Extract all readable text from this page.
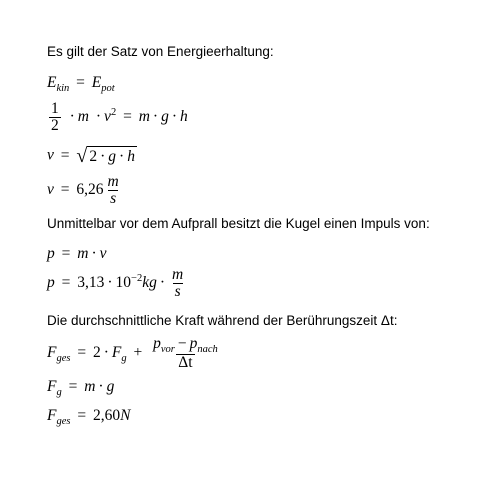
Es gilt der Satz von Energieerhaltung:
$E_{kin} = E_{pot}$
$\frac{1}{2} \cdot m \cdot v^2 = m \cdot g \cdot h$
v = √ 2 · g · h
$v = 6,26 \frac{m}{s}$
Unmittelbar vor dem Aufprall besitzt die Kugel einen Impuls von:
p = m · v
$p = 3,13 \cdot 10^{-2}kg \cdot \frac{m}{s}$
Die durchschnittliche Kraft während der Berührungszeit Δt:
$F_{ges} = 2 \cdot F_g + \frac{p_{vor} - p_{nach}}{\Delta t}$
$F_g = m \cdot g$
$F_{ges} = 2,60N$
